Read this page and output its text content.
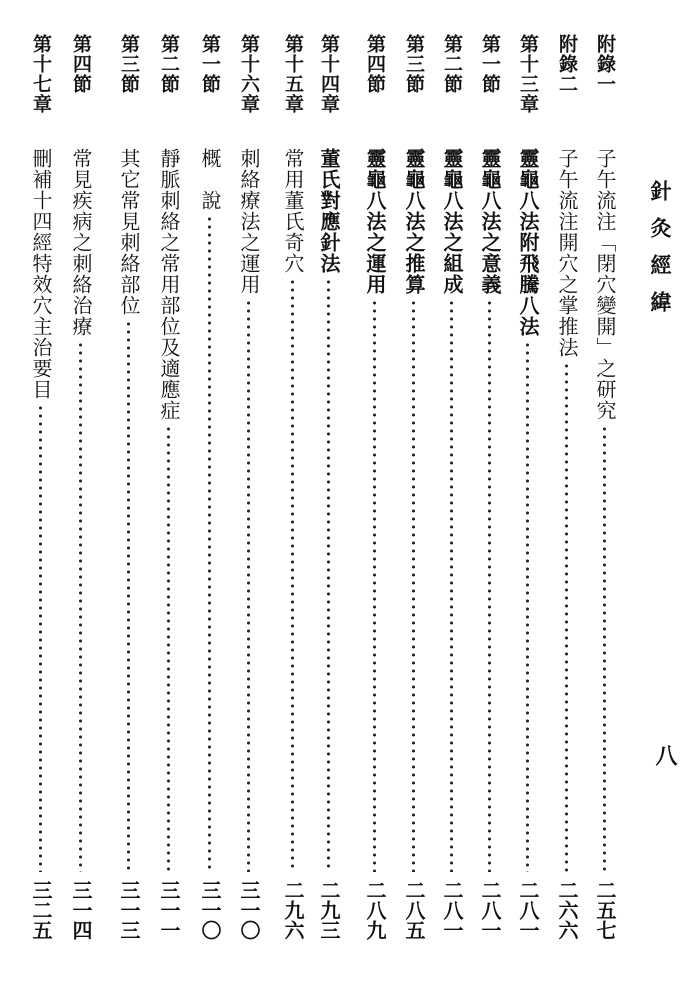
針灸經緯
八
附錄一
子午流注「閉穴變開」之研究
二五七
附錄二
子午流注開穴之掌推法
二六六
第十三章
靈龜八法附飛騰八法
二八一
第一節
靈龜八法之意義
二八一
第二節
靈龜八法之組成
二八一
第三節
靈龜八法之推算
二八五
第四節
靈龜八法之運用
二八九
第十四章
董氏對應針法
二九三
第十五章
常用董氏奇穴
二九六
第十六章
刺絡療法之運用
三一〇
第一節
概　說
三一〇
第二節
靜脈刺絡之常用部位及適應症
三一一
第三節
其它常見刺絡部位
三一三
第四節
常見疾病之刺絡治療
三一四
第十七章
刪補十四經特效穴主治要目
三二五
